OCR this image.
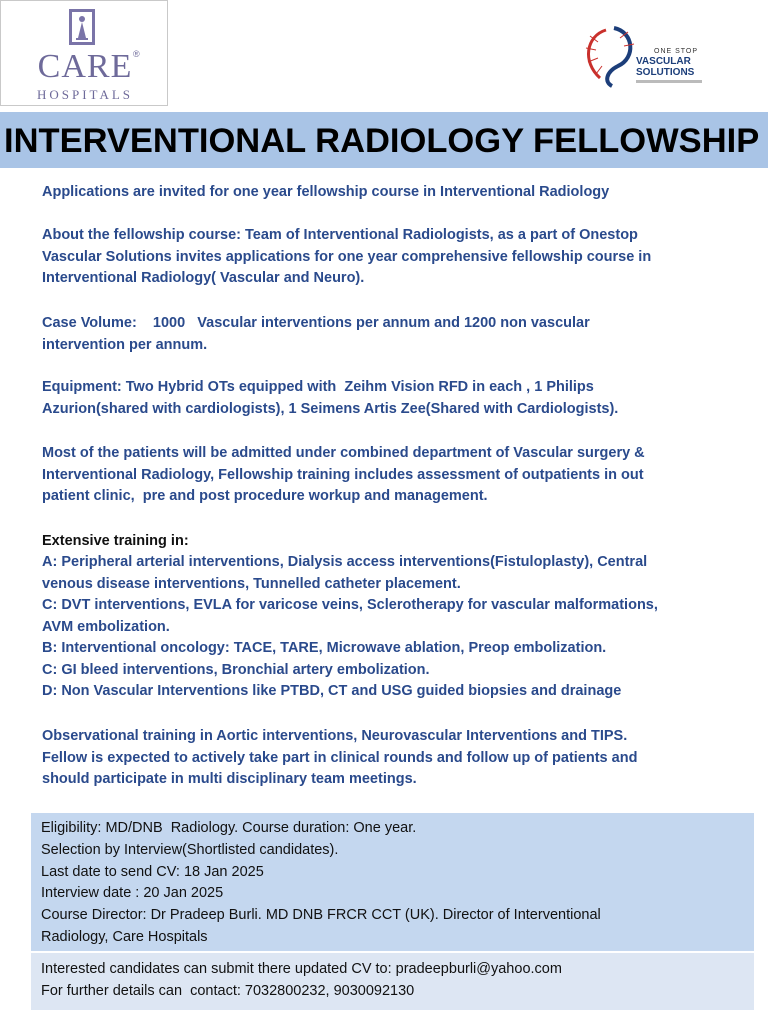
CARE ®
HOSPITALS
ONE STOP
VASCULAR
SOLUTIONS
INTERVENTIONAL RADIOLOGY FELLOWSHIP
Applications are invited for one year fellowship course in Interventional Radiology
About the fellowship course: Team of Interventional Radiologists, as a part of Onestop
Vascular Solutions invites applications for one year comprehensive fellowship course in
Interventional Radiology( Vascular and Neuro).
Case Volume:    1000   Vascular interventions per annum and 1200 non vascular
intervention per annum.
Equipment: Two Hybrid OTs equipped with  Zeihm Vision RFD in each , 1 Philips
Azurion(shared with cardiologists), 1 Seimens Artis Zee(Shared with Cardiologists).
Most of the patients will be admitted under combined department of Vascular surgery &
Interventional Radiology, Fellowship training includes assessment of outpatients in out
patient clinic,  pre and post procedure workup and management.
Extensive training in:
A: Peripheral arterial interventions, Dialysis access interventions(Fistuloplasty), Central
venous disease interventions, Tunnelled catheter placement.
C: DVT interventions, EVLA for varicose veins, Sclerotherapy for vascular malformations,
AVM embolization.
B: Interventional oncology: TACE, TARE, Microwave ablation, Preop embolization.
C: GI bleed interventions, Bronchial artery embolization.
D: Non Vascular Interventions like PTBD, CT and USG guided biopsies and drainage
Observational training in Aortic interventions, Neurovascular Interventions and TIPS.
Fellow is expected to actively take part in clinical rounds and follow up of patients and
should participate in multi disciplinary team meetings.
Eligibility: MD/DNB  Radiology. Course duration: One year.
Selection by Interview(Shortlisted candidates).
Last date to send CV: 18 Jan 2025
Interview date : 20 Jan 2025
Course Director: Dr Pradeep Burli. MD DNB FRCR CCT (UK). Director of Interventional
Radiology, Care Hospitals
Interested candidates can submit there updated CV to: pradeepburli@yahoo.com
For further details can  contact: 7032800232, 9030092130
